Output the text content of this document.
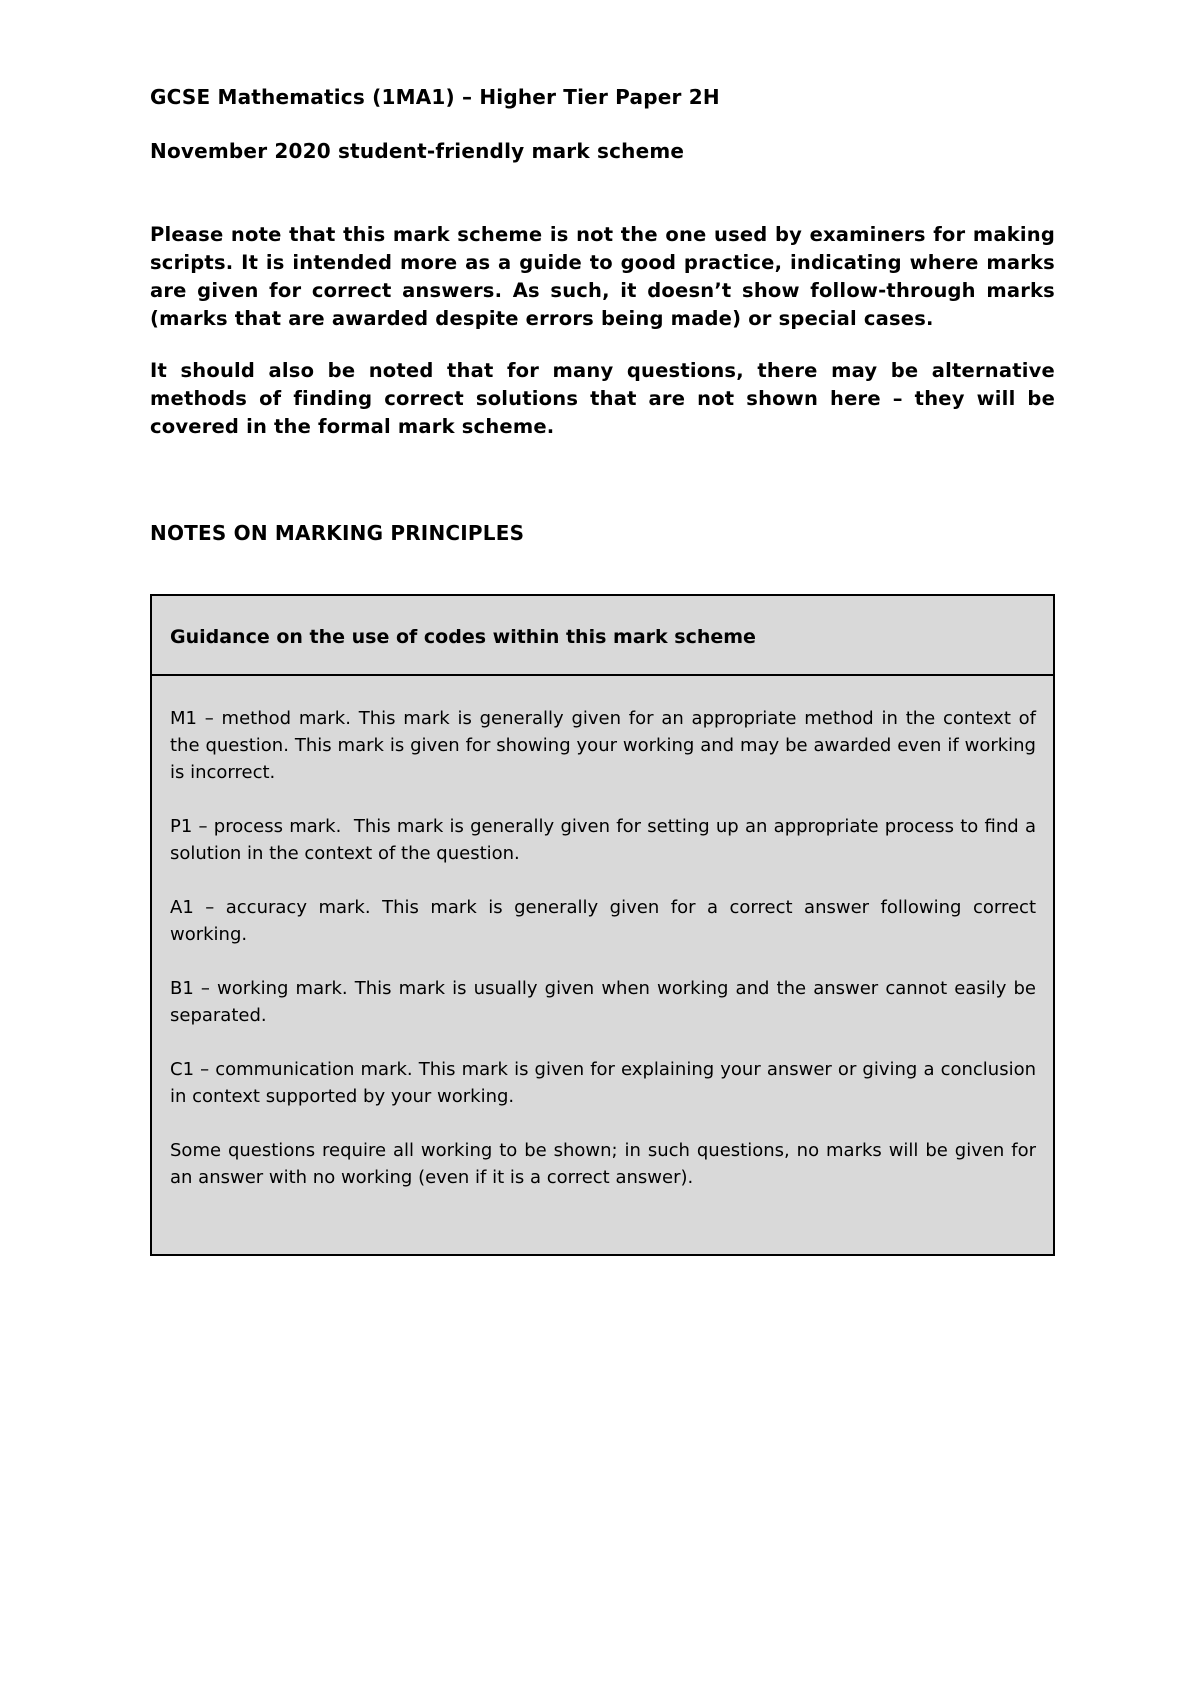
GCSE Mathematics (1MA1) – Higher Tier Paper 2H
November 2020 student-friendly mark scheme

Please note that this mark scheme is not the one used by examiners for making scripts. It is intended more as a guide to good practice, indicating where marks are given for correct answers. As such, it doesn’t show follow-through marks (marks that are awarded despite errors being made) or special cases.

It should also be noted that for many questions, there may be alternative methods of finding correct solutions that are not shown here – they will be covered in the formal mark scheme.

NOTES ON MARKING PRINCIPLES
Guidance on the use of codes within this mark scheme

M1 – method mark. This mark is generally given for an appropriate method in the context of the question. This mark is given for showing your working and may be awarded even if working is incorrect.

P1 – process mark.  This mark is generally given for setting up an appropriate process to find a solution in the context of the question.

A1 – accuracy mark. This mark is generally given for a correct answer following correct working.

B1 – working mark. This mark is usually given when working and the answer cannot easily be separated.

C1 – communication mark. This mark is given for explaining your answer or giving a conclusion in context supported by your working.

Some questions require all working to be shown; in such questions, no marks will be given for an answer with no working (even if it is a correct answer).
